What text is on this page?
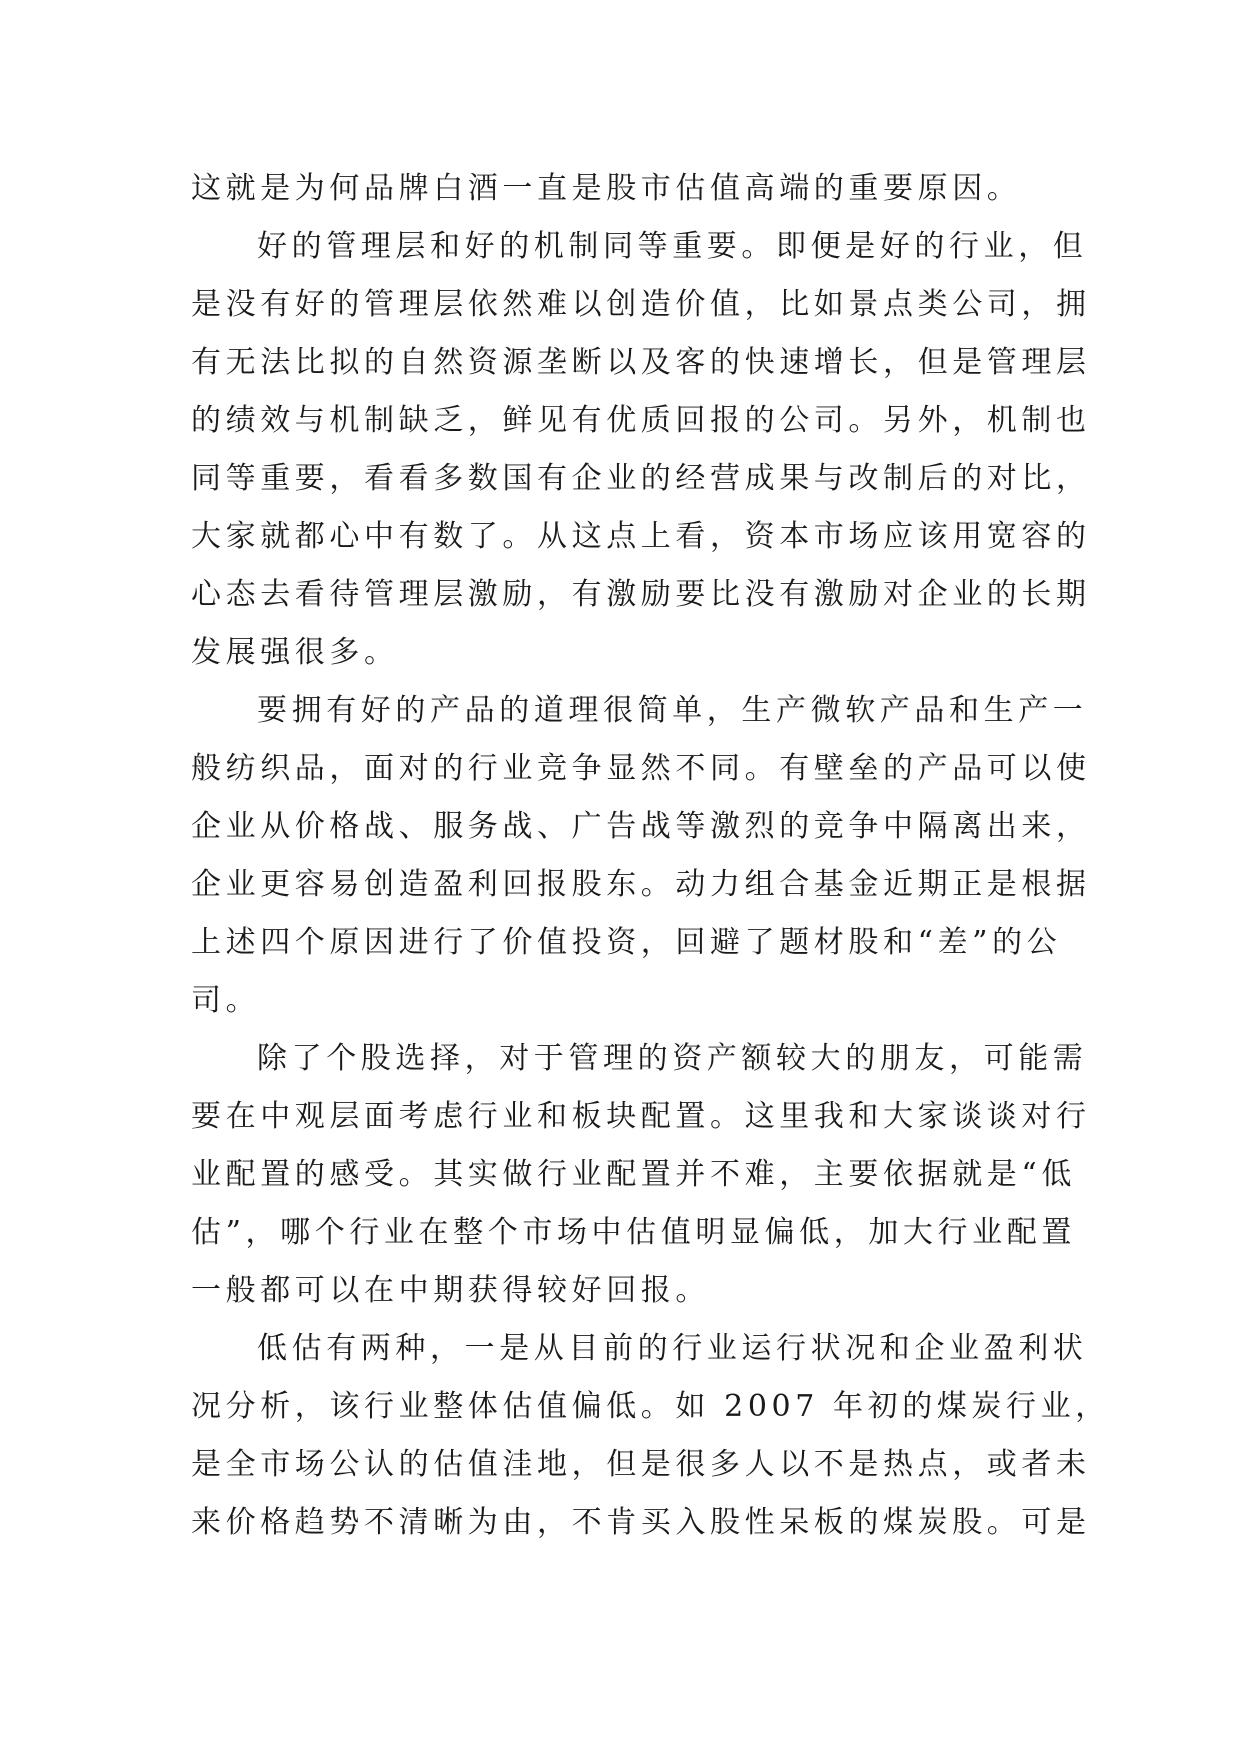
这就是为何品牌白酒一直是股市估值高端的重要原因。
好的管理层和好的机制同等重要。即便是好的行业，但
是没有好的管理层依然难以创造价值，比如景点类公司，拥
有无法比拟的自然资源垄断以及客的快速增长，但是管理层
的绩效与机制缺乏，鲜见有优质回报的公司。另外，机制也
同等重要，看看多数国有企业的经营成果与改制后的对比，
大家就都心中有数了。从这点上看，资本市场应该用宽容的
心态去看待管理层激励，有激励要比没有激励对企业的长期
发展强很多。
要拥有好的产品的道理很简单，生产微软产品和生产一
般纺织品，面对的行业竞争显然不同。有壁垒的产品可以使
企业从价格战、服务战、广告战等激烈的竞争中隔离出来，
企业更容易创造盈利回报股东。动力组合基金近期正是根据
上述四个原因进行了价值投资，回避了题材股和“差”的公
司。
除了个股选择，对于管理的资产额较大的朋友，可能需
要在中观层面考虑行业和板块配置。这里我和大家谈谈对行
业配置的感受。其实做行业配置并不难，主要依据就是“低
估”，哪个行业在整个市场中估值明显偏低，加大行业配置
一般都可以在中期获得较好回报。
低估有两种，一是从目前的行业运行状况和企业盈利状
况分析，该行业整体估值偏低。如 2007 年初的煤炭行业，
是全市场公认的估值洼地，但是很多人以不是热点，或者未
来价格趋势不清晰为由，不肯买入股性呆板的煤炭股。可是
